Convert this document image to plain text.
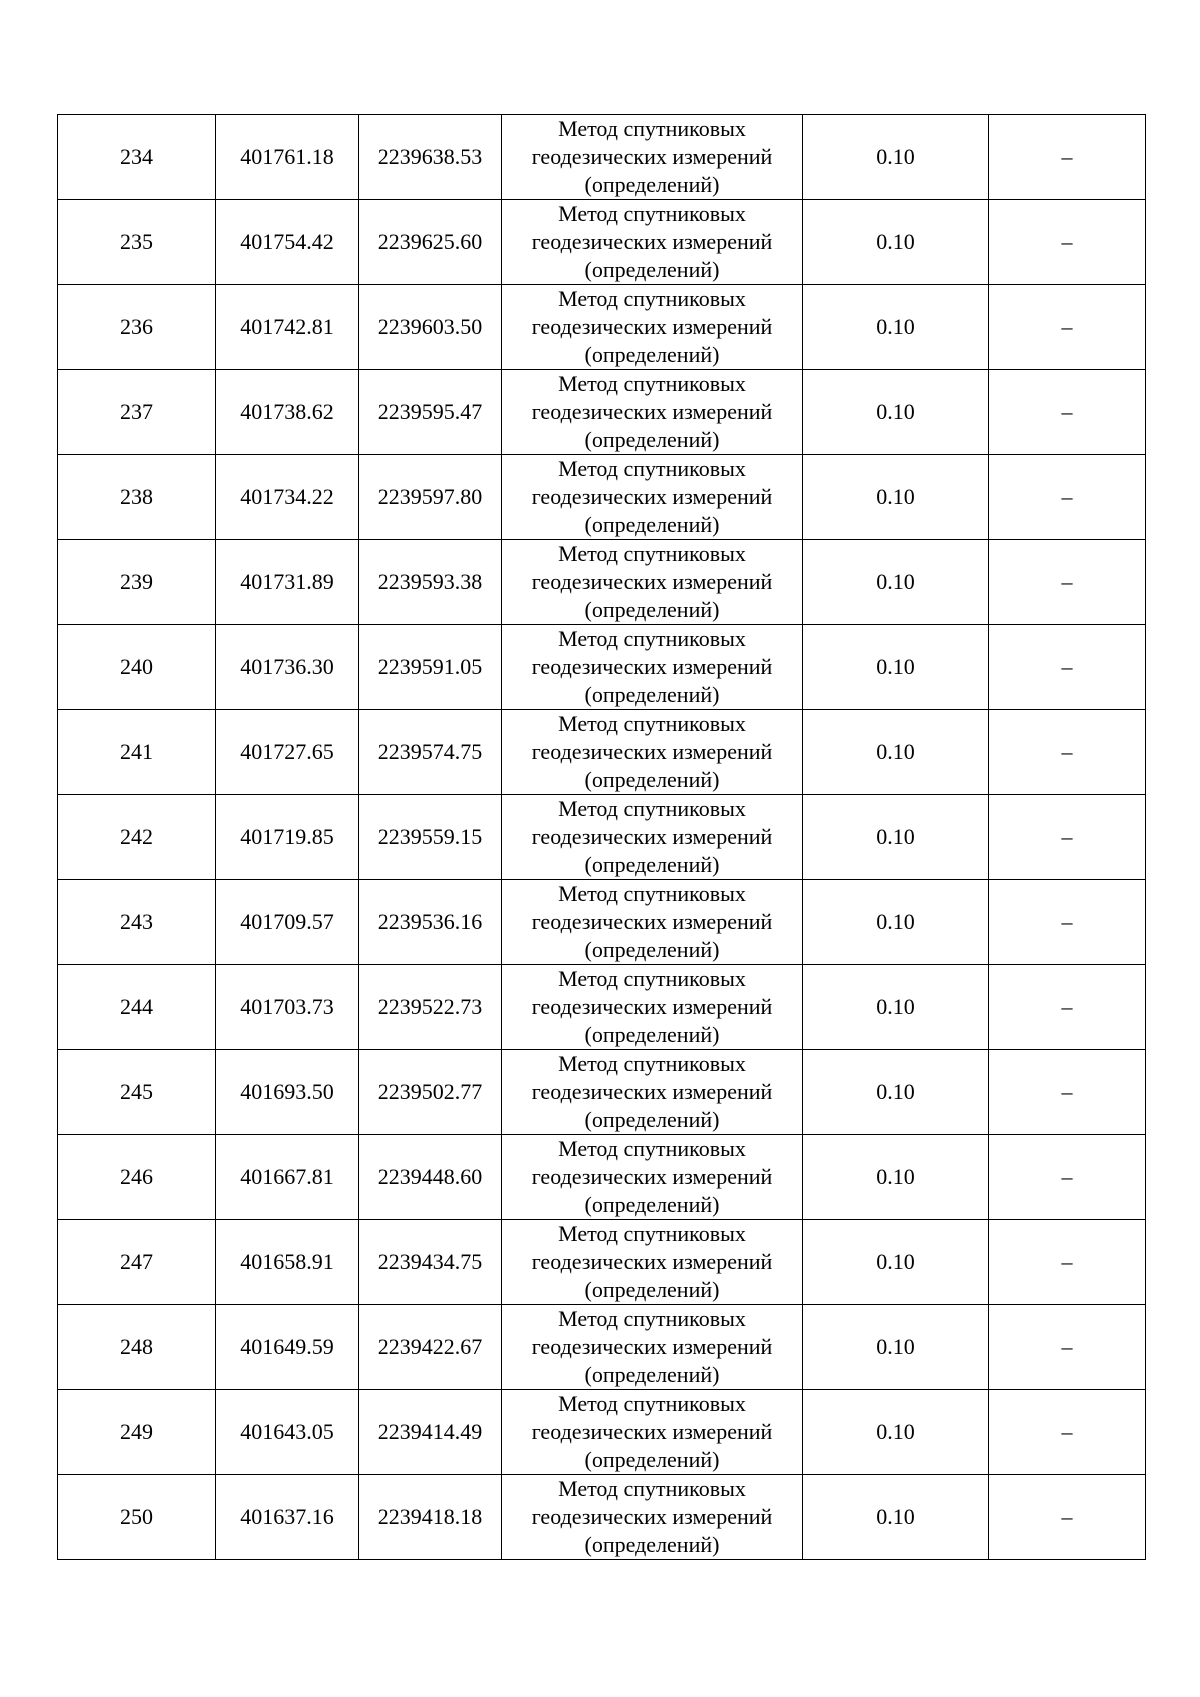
234	401761.18	2239638.53	Метод спутниковых
геодезических измерений
(определений)	0.10	–
235	401754.42	2239625.60	Метод спутниковых
геодезических измерений
(определений)	0.10	–
236	401742.81	2239603.50	Метод спутниковых
геодезических измерений
(определений)	0.10	–
237	401738.62	2239595.47	Метод спутниковых
геодезических измерений
(определений)	0.10	–
238	401734.22	2239597.80	Метод спутниковых
геодезических измерений
(определений)	0.10	–
239	401731.89	2239593.38	Метод спутниковых
геодезических измерений
(определений)	0.10	–
240	401736.30	2239591.05	Метод спутниковых
геодезических измерений
(определений)	0.10	–
241	401727.65	2239574.75	Метод спутниковых
геодезических измерений
(определений)	0.10	–
242	401719.85	2239559.15	Метод спутниковых
геодезических измерений
(определений)	0.10	–
243	401709.57	2239536.16	Метод спутниковых
геодезических измерений
(определений)	0.10	–
244	401703.73	2239522.73	Метод спутниковых
геодезических измерений
(определений)	0.10	–
245	401693.50	2239502.77	Метод спутниковых
геодезических измерений
(определений)	0.10	–
246	401667.81	2239448.60	Метод спутниковых
геодезических измерений
(определений)	0.10	–
247	401658.91	2239434.75	Метод спутниковых
геодезических измерений
(определений)	0.10	–
248	401649.59	2239422.67	Метод спутниковых
геодезических измерений
(определений)	0.10	–
249	401643.05	2239414.49	Метод спутниковых
геодезических измерений
(определений)	0.10	–
250	401637.16	2239418.18	Метод спутниковых
геодезических измерений
(определений)	0.10	–
